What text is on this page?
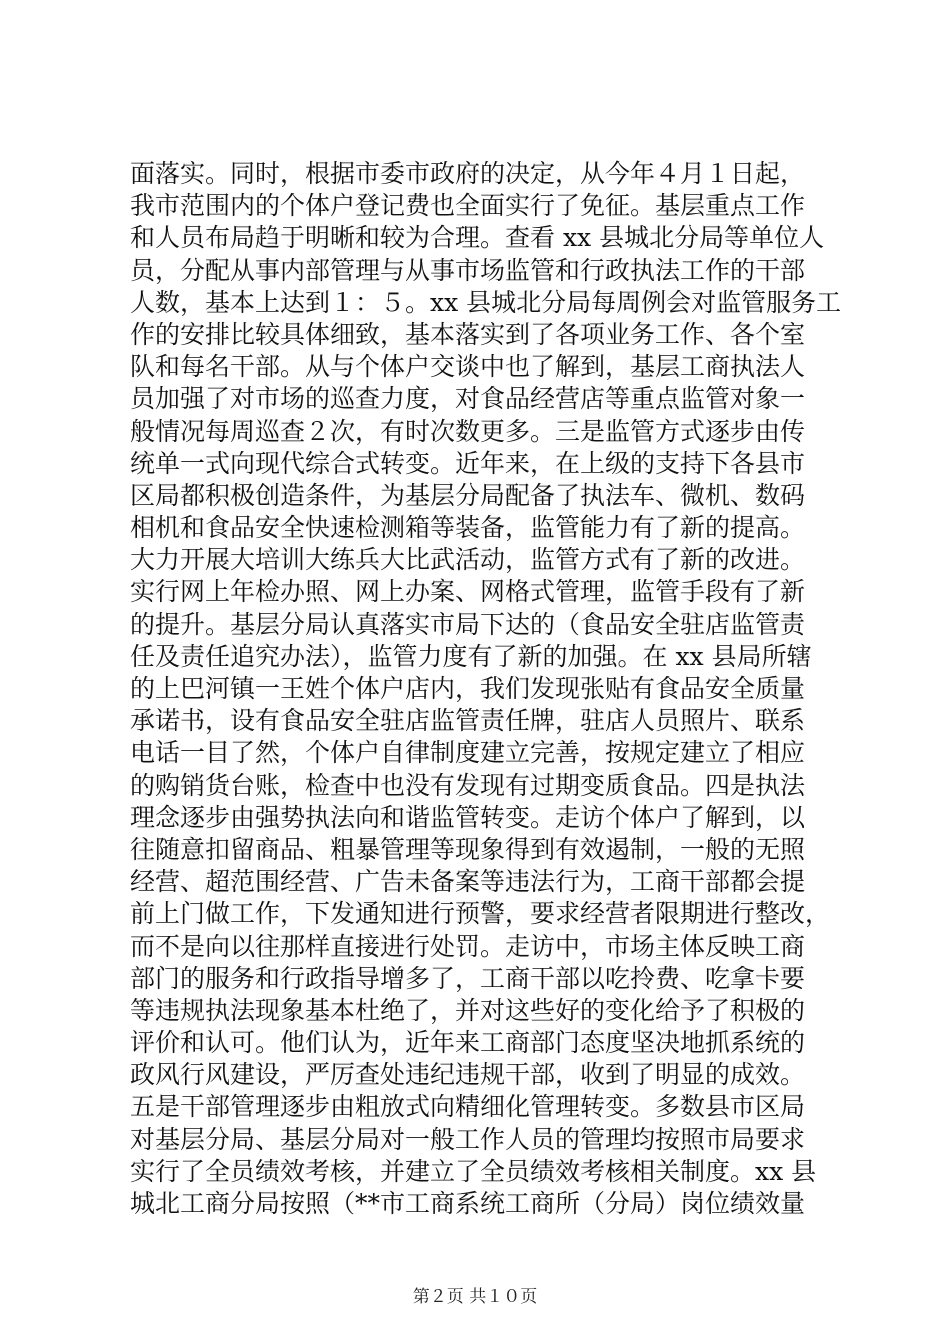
面落实。同时，根据市委市政府的决定，从今年４月１日起，
我市范围内的个体户登记费也全面实行了免征。基层重点工作
和人员布局趋于明晰和较为合理。查看 xx 县城北分局等单位人
员，分配从事内部管理与从事市场监管和行政执法工作的干部
人数，基本上达到１：５。xx 县城北分局每周例会对监管服务工
作的安排比较具体细致，基本落实到了各项业务工作、各个室
队和每名干部。从与个体户交谈中也了解到，基层工商执法人
员加强了对市场的巡查力度，对食品经营店等重点监管对象一
般情况每周巡查２次，有时次数更多。三是监管方式逐步由传
统单一式向现代综合式转变。近年来，在上级的支持下各县市
区局都积极创造条件，为基层分局配备了执法车、微机、数码
相机和食品安全快速检测箱等装备，监管能力有了新的提高。
大力开展大培训大练兵大比武活动，监管方式有了新的改进。
实行网上年检办照、网上办案、网格式管理，监管手段有了新
的提升。基层分局认真落实市局下达的（食品安全驻店监管责
任及责任追究办法），监管力度有了新的加强。在 xx 县局所辖
的上巴河镇一王姓个体户店内，我们发现张贴有食品安全质量
承诺书，设有食品安全驻店监管责任牌，驻店人员照片、联系
电话一目了然，个体户自律制度建立完善，按规定建立了相应
的购销货台账，检查中也没有发现有过期变质食品。四是执法
理念逐步由强势执法向和谐监管转变。走访个体户了解到，以
往随意扣留商品、粗暴管理等现象得到有效遏制，一般的无照
经营、超范围经营、广告未备案等违法行为，工商干部都会提
前上门做工作，下发通知进行预警，要求经营者限期进行整改，
而不是向以往那样直接进行处罚。走访中，市场主体反映工商
部门的服务和行政指导增多了，工商干部以吃拎费、吃拿卡要
等违规执法现象基本杜绝了，并对这些好的变化给予了积极的
评价和认可。他们认为，近年来工商部门态度坚决地抓系统的
政风行风建设，严厉查处违纪违规干部，收到了明显的成效。
五是干部管理逐步由粗放式向精细化管理转变。多数县市区局
对基层分局、基层分局对一般工作人员的管理均按照市局要求
实行了全员绩效考核，并建立了全员绩效考核相关制度。xx 县
城北工商分局按照（**市工商系统工商所（分局）岗位绩效量
第２页 共１０页
